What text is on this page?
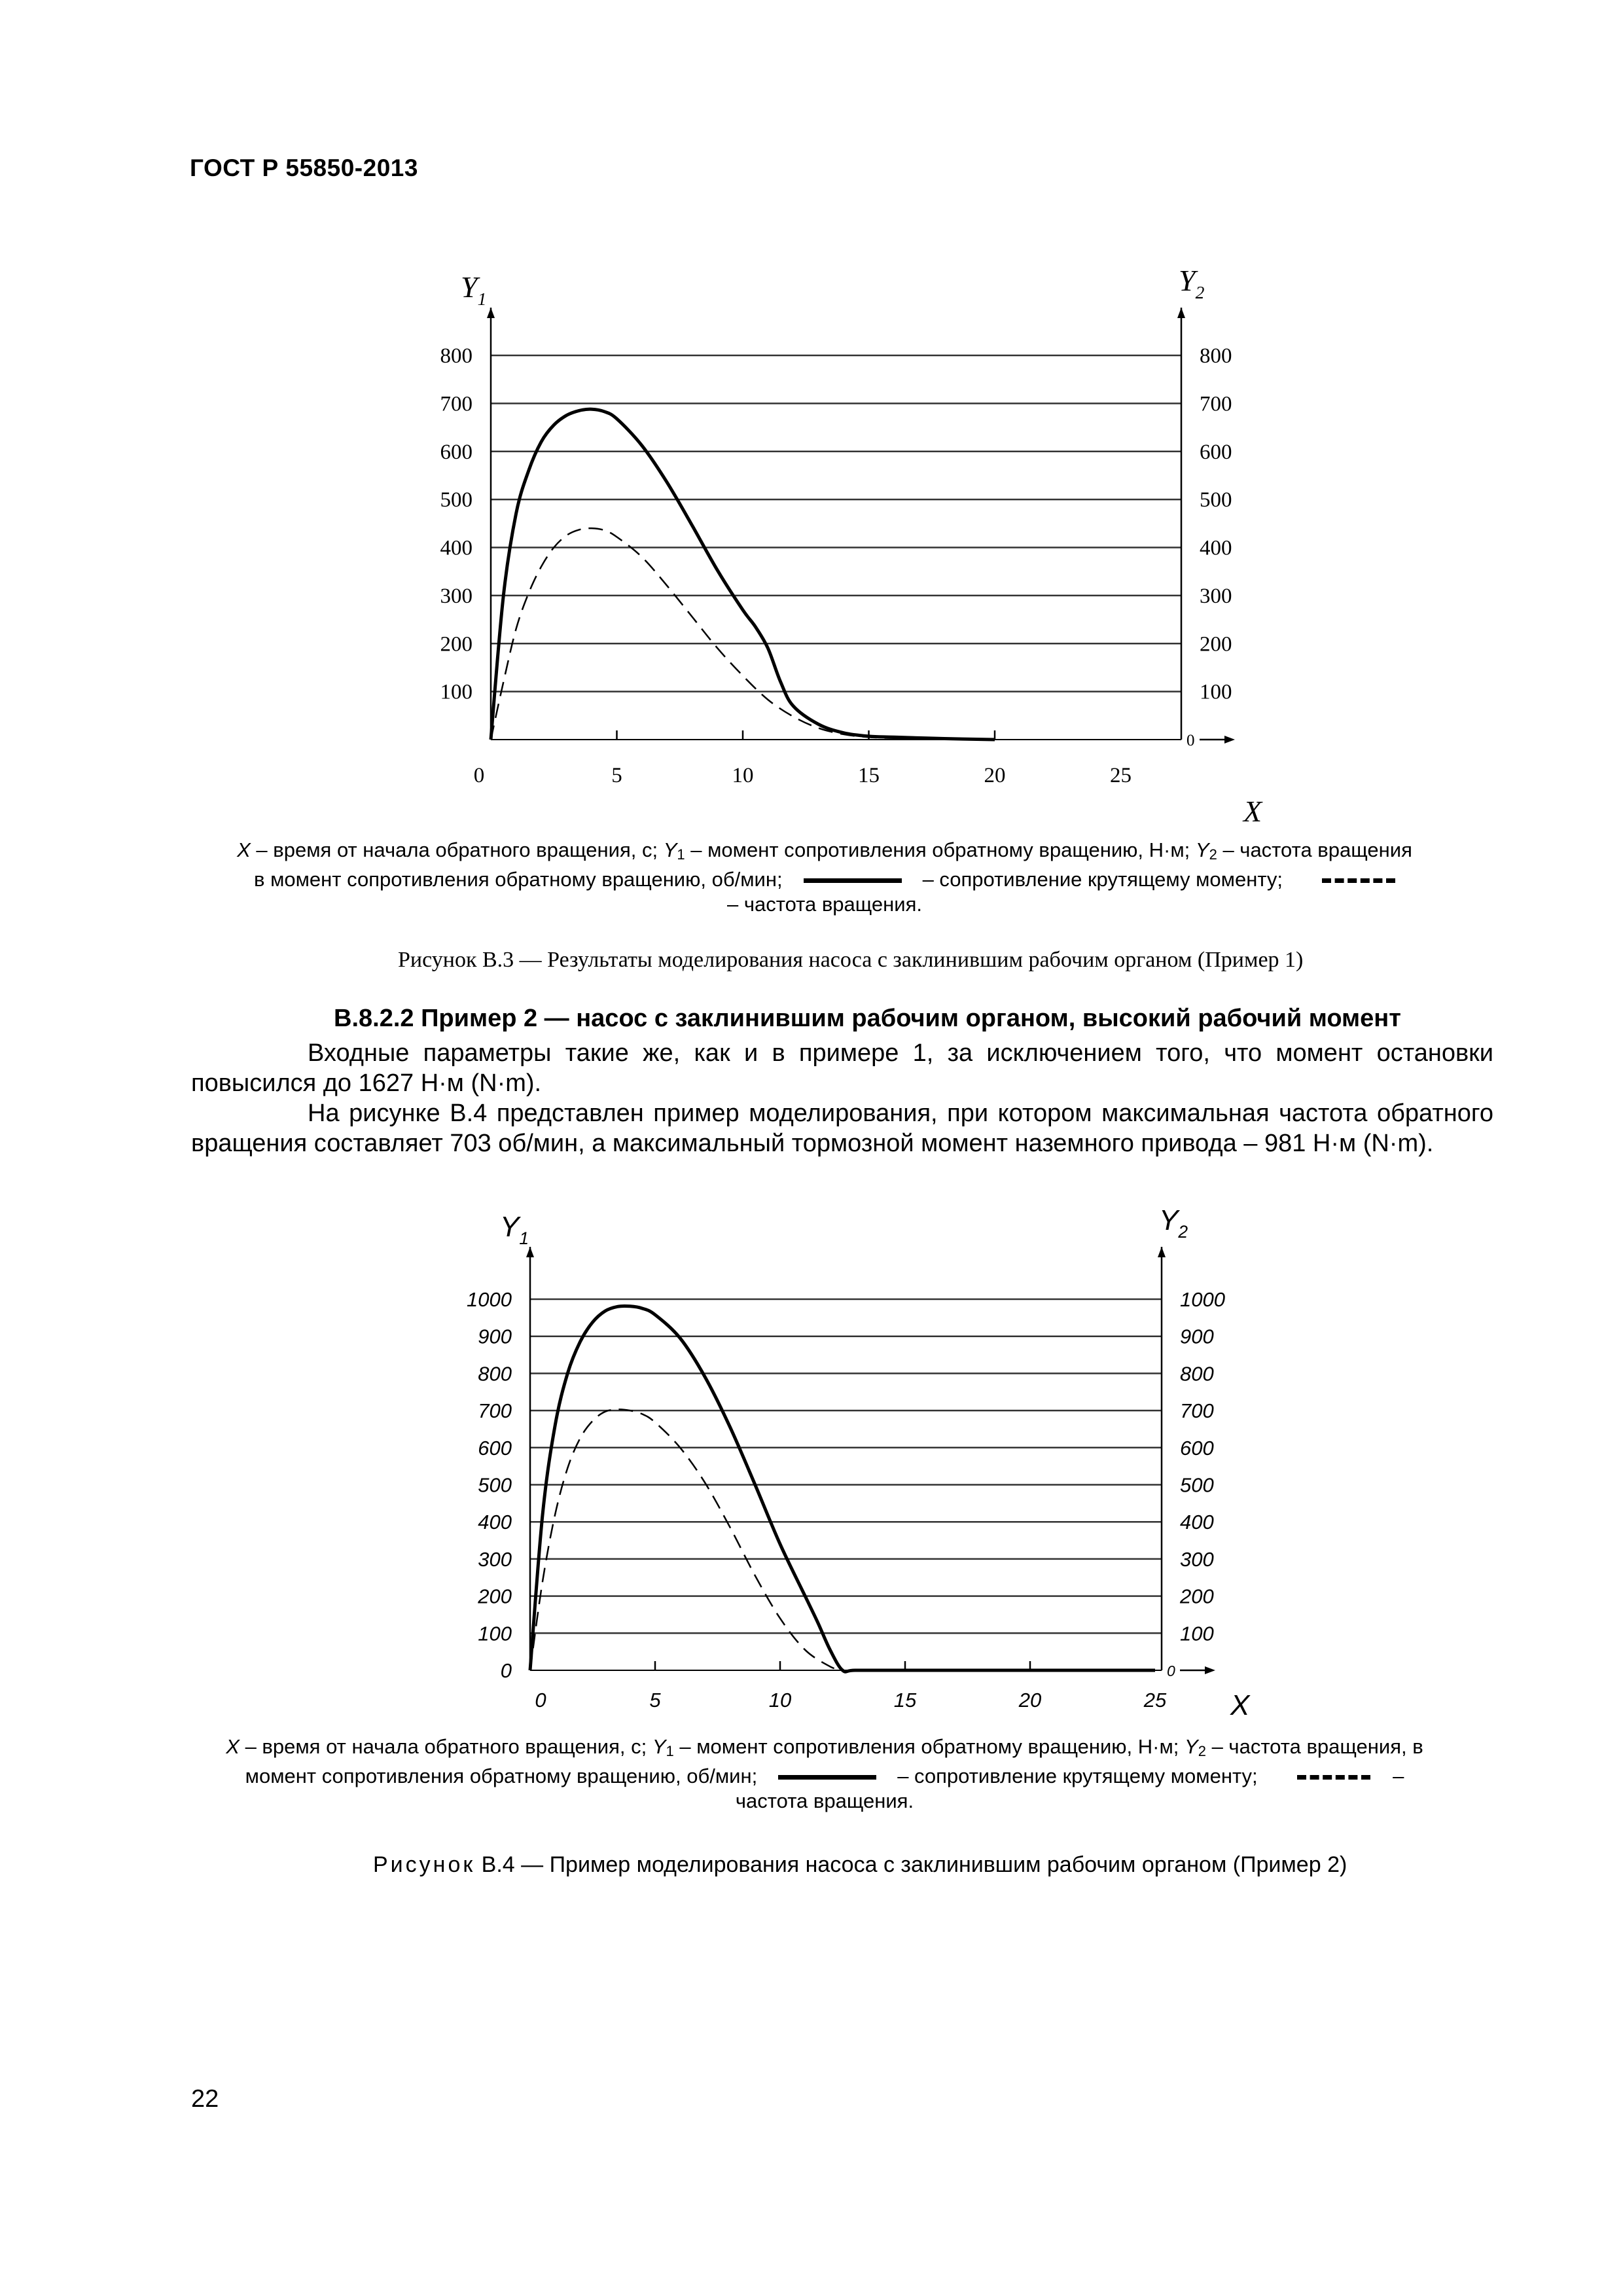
ГОСТ Р 55850-2013
100
200
300
400
500
600
700
800
0
100
200
300
400
500
600
700
800
0	5	10	15	20	25
$Y_1$
$Y_2$
X
X – время от начала обратного вращения, с; Y1 – момент сопротивления обратному вращению, Н·м; Y2 – частота вращения
в момент сопротивления обратному вращению, об/мин;	– сопротивление крутящему моменту;
– частота вращения.
Рисунок В.3 — Результаты моделирования насоса с заклинившим рабочим органом (Пример 1)
В.8.2.2 Пример 2 — насос с заклинившим рабочим органом, высокий рабочий момент
Входные параметры такие же, как и в примере 1, за исключением того, что момент остановки повысился до 1627 Н·м (N·m).
На рисунке В.4 представлен пример моделирования, при котором максимальная частота обратного вращения составляет 703 об/мин, а максимальный тормозной момент наземного привода – 981 Н·м (N·m).
0
100
200
300
400
500
600
700
800
900
1000
0
100
200
300
400
500
600
700
800
900
1000
0	5	10	15	20	25
$Y_1$
$Y_2$
X
X – время от начала обратного вращения, с; Y1 – момент сопротивления обратному вращению, Н·м; Y2 – частота вращения, в
момент сопротивления обратному вращению, об/мин;	– сопротивление крутящему моменту;	–
частота вращения.
Рисунок В.4 — Пример моделирования насоса с заклинившим рабочим органом (Пример 2)
22
